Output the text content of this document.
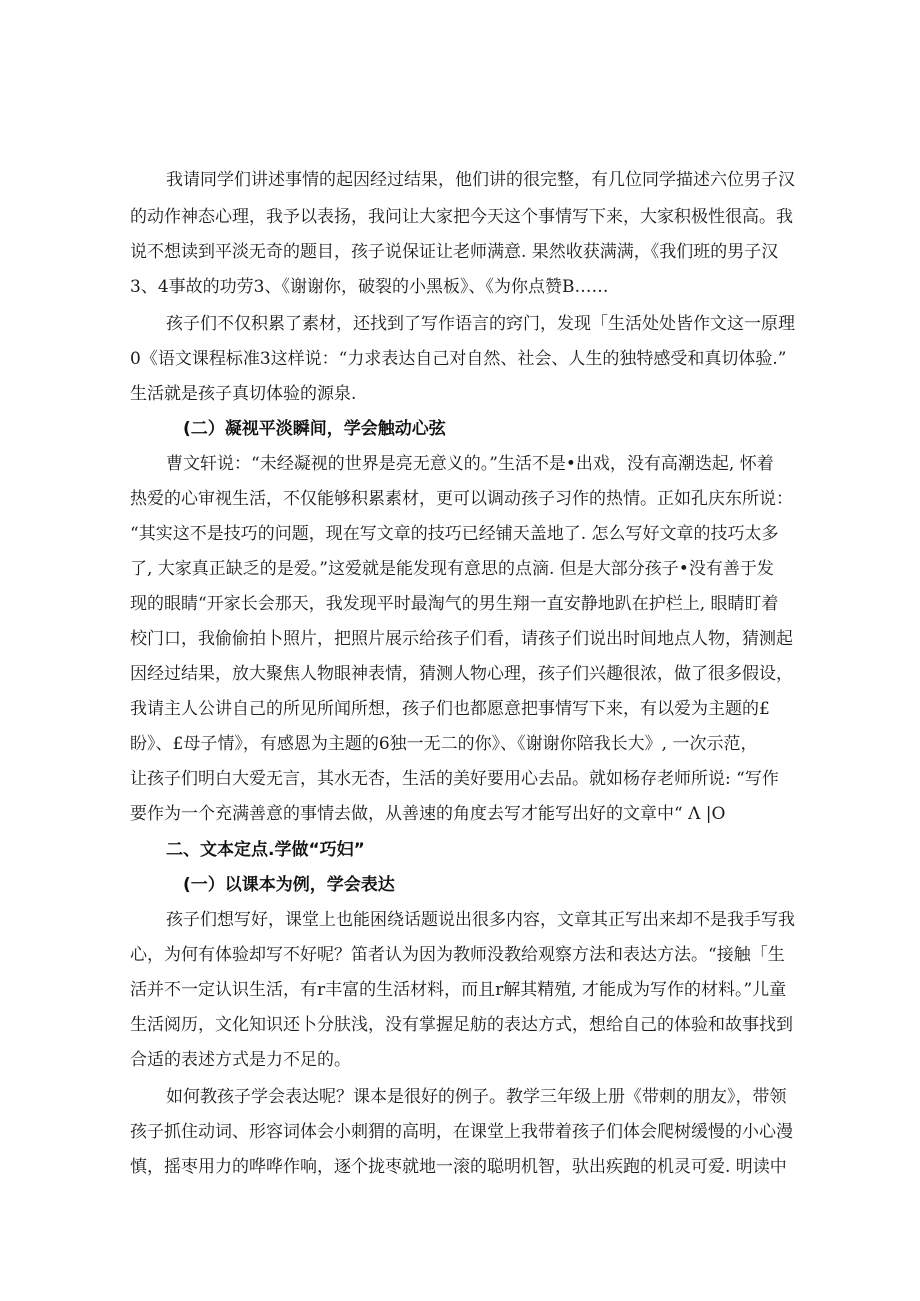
我请同学们讲述事情的起因经过结果，他们讲的很完整，有几位同学描述六位男子汉
的动作神态心理，我予以表扬，我问让大家把今天这个事情写下来，大家积极性很高。我
说不想读到平淡无奇的题目，孩子说保证让老师满意. 果然收获满满，《我们班的男子汉
3、4事故的功劳3、《谢谢你，破裂的小黑板》、《为你点赞B……
孩子们不仅积累了素材，还找到了写作语言的窍门，发现「生活处处皆作文这一原理
0《语文课程标准3这样说：“力求表达自己对自然、社会、人生的独特感受和真切体验.”
生活就是孩子真切体验的源泉.
(二）凝视平淡瞬间，学会触动心弦
曹文轩说：“未经凝视的世界是亮无意义的。”生活不是•出戏，没有高潮迭起, 怀着
热爱的心审视生活，不仅能够积累素材，更可以调动孩子习作的热情。正如孔庆东所说：
“其实这不是技巧的问题，现在写文章的技巧已经铺天盖地了. 怎么写好文章的技巧太多
了, 大家真正缺乏的是爱。”这爱就是能发现有意思的点滴. 但是大部分孩子•没有善于发
现的眼睛“开家长会那天，我发现平时最淘气的男生翔一直安静地趴在护栏上, 眼睛盯着
校门口，我偷偷拍卜照片，把照片展示给孩子们看，请孩子们说出时间地点人物，猜测起
因经过结果，放大聚焦人物眼神表情，猜测人物心理，孩子们兴趣很浓，做了很多假设，
我请主人公讲自己的所见所闻所想，孩子们也都愿意把事情写下来，有以爱为主题的£
盼》、£母子情》，有感恩为主题的6独一无二的你》、《谢谢你陪我长大》, 一次示范，
让孩子们明白大爱无言，其水无杏，生活的美好要用心去品。就如杨存老师所说: “写作
要作为一个充满善意的事情去做，从善速的角度去写才能写出好的文章中“ Λ |O
二、文本定点.学做“巧妇”
(一）以课本为例，学会表达
孩子们想写好，课堂上也能困绕话题说出很多内容，文章其正写出来却不是我手写我
心，为何有体验却写不好呢？笛者认为因为教师没教给观察方法和表达方法。“接触「生
活并不一定认识生活，有r丰富的生活材料，而且r解其精殖, 才能成为写作的材料。”儿童
生活阅历，文化知识还卜分肤浅，没有掌握足舫的表达方式，想给自己的体验和故事找到
合适的表述方式是力不足的。
如何教孩子学会表达呢？课本是很好的例子。教学三年级上册《带刺的朋友》，带领
孩子抓住动词、形容词体会小刺猬的高明，在课堂上我带着孩子们体会爬树缓慢的小心漫
慎，摇枣用力的哗哗作响，逐个拢枣就地一滚的聪明机智，驮出疾跑的机灵可爱. 明读中
